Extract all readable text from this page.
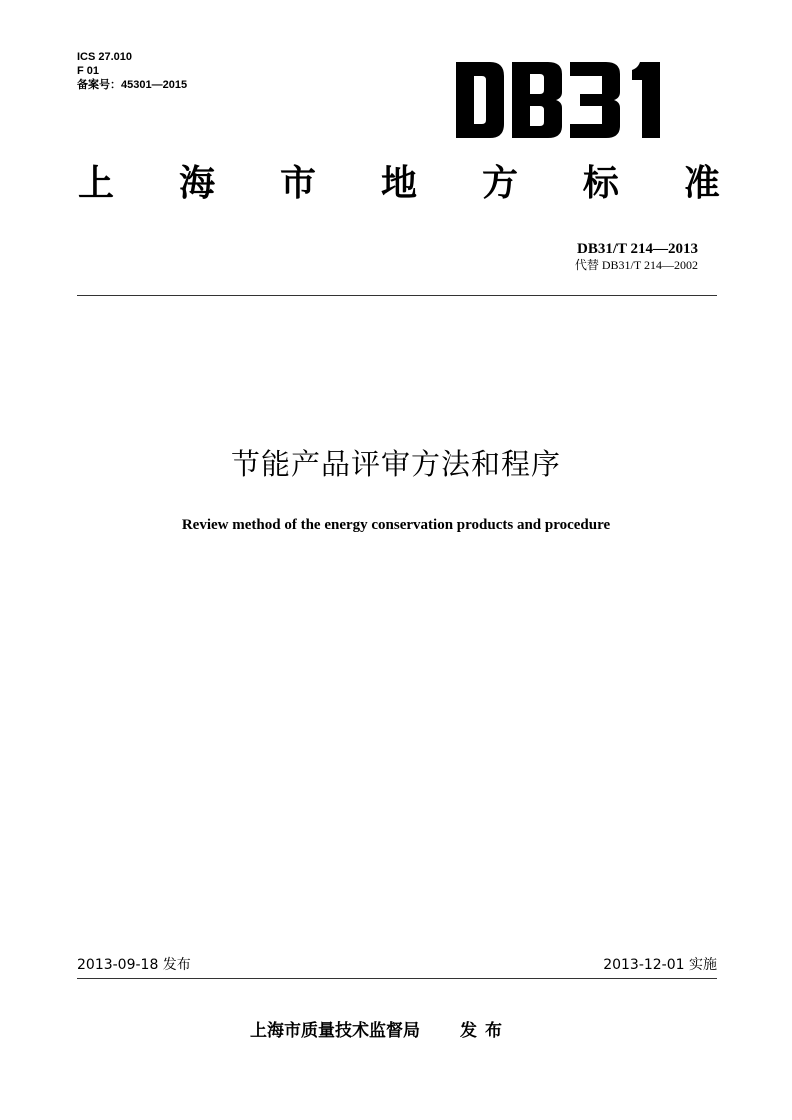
ICS 27.010
F 01
备案号：45301—2015
上 海 市 地 方 标 准
DB31/T 214—2013
代替 DB31/T 214—2002
节能产品评审方法和程序
Review method of the energy conservation products and procedure
2013-09-18 发布	2013-12-01 实施
上海市质量技术监督局 发布
